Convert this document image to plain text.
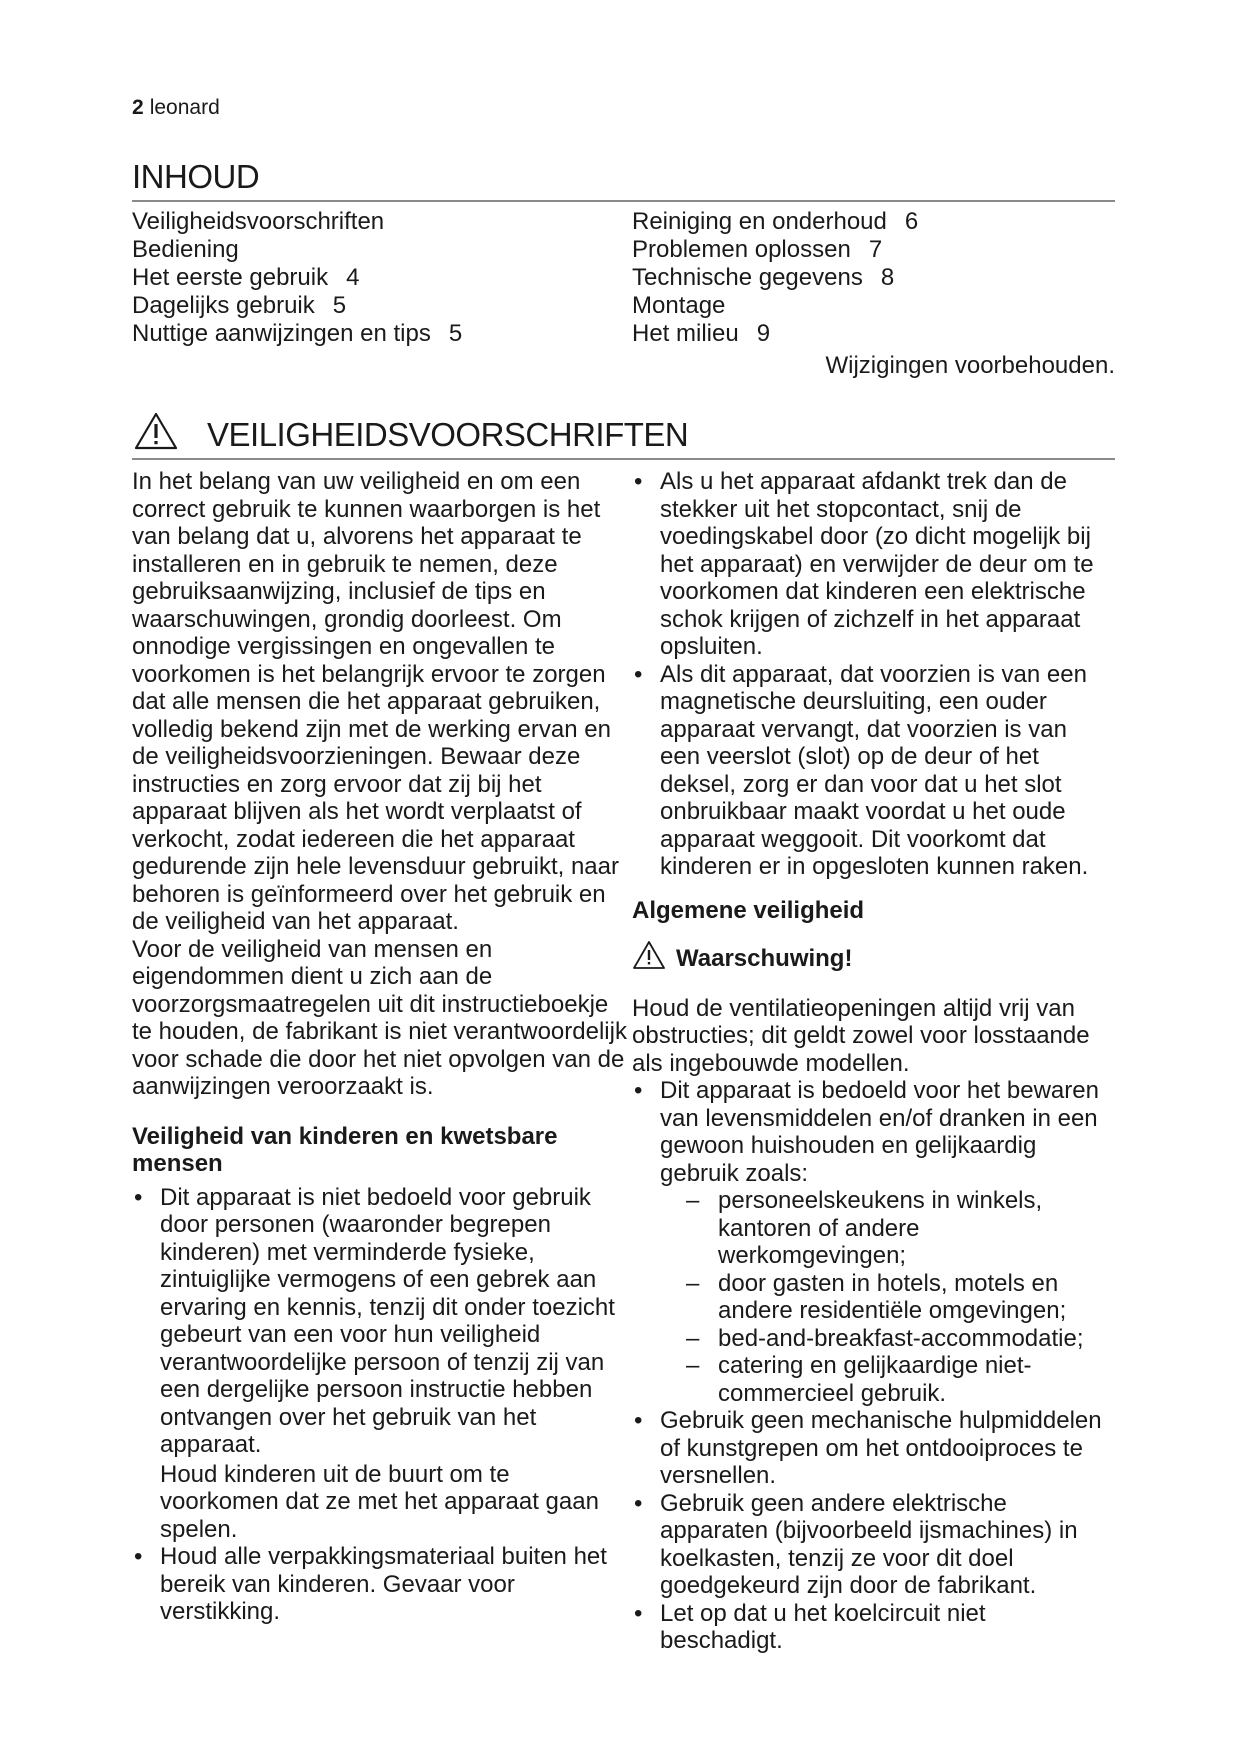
2 leonard
INHOUD
Veiligheidsvoorschriften
Bediening
Het eerste gebruik 4
Dagelijks gebruik 5
Nuttige aanwijzingen en tips 5
Reiniging en onderhoud 6
Problemen oplossen 7
Technische gegevens 8
Montage
Het milieu 9
Wijzigingen voorbehouden.
VEILIGHEIDSVOORSCHRIFTEN

In het belang van uw veiligheid en om een correct gebruik te kunnen waarborgen is het van belang dat u, alvorens het apparaat te installeren en in gebruik te nemen, deze gebruiksaanwijzing, inclusief de tips en waarschuwingen, grondig doorleest. Om onnodige vergissingen en ongevallen te voorkomen is het belangrijk ervoor te zorgen dat alle mensen die het apparaat gebruiken, volledig bekend zijn met de werking ervan en de veiligheidsvoorzieningen. Bewaar deze instructies en zorg ervoor dat zij bij het apparaat blijven als het wordt verplaatst of verkocht, zodat iedereen die het apparaat gedurende zijn hele levensduur gebruikt, naar behoren is geïnformeerd over het gebruik en de veiligheid van het apparaat.

Voor de veiligheid van mensen en eigendommen dient u zich aan de voorzorgsmaatregelen uit dit instructieboekje te houden, de fabrikant is niet verantwoordelijk voor schade die door het niet opvolgen van de aanwijzingen veroorzaakt is.

Veiligheid van kinderen en kwetsbare mensen
• Dit apparaat is niet bedoeld voor gebruik door personen (waaronder begrepen kinderen) met verminderde fysieke, zintuiglijke vermogens of een gebrek aan ervaring en kennis, tenzij dit onder toezicht gebeurt van een voor hun veiligheid verantwoordelijke persoon of tenzij zij van een dergelijke persoon instructie hebben ontvangen over het gebruik van het apparaat.
Houd kinderen uit de buurt om te voorkomen dat ze met het apparaat gaan spelen.
• Houd alle verpakkingsmateriaal buiten het bereik van kinderen. Gevaar voor verstikking.
• Als u het apparaat afdankt trek dan de stekker uit het stopcontact, snij de voedingskabel door (zo dicht mogelijk bij het apparaat) en verwijder de deur om te voorkomen dat kinderen een elektrische schok krijgen of zichzelf in het apparaat opsluiten.
• Als dit apparaat, dat voorzien is van een magnetische deursluiting, een ouder apparaat vervangt, dat voorzien is van een veerslot (slot) op de deur of het deksel, zorg er dan voor dat u het slot onbruikbaar maakt voordat u het oude apparaat weggooit. Dit voorkomt dat kinderen er in opgesloten kunnen raken.
Algemene veiligheid
Waarschuwing!

Houd de ventilatieopeningen altijd vrij van obstructies; dit geldt zowel voor losstaande als ingebouwde modellen.

• Dit apparaat is bedoeld voor het bewaren van levensmiddelen en/of dranken in een gewoon huishouden en gelijkaardig gebruik zoals:
– personeelskeukens in winkels, kantoren of andere werkomgevingen;
– door gasten in hotels, motels en andere residentiële omgevingen;
– bed-and-breakfast-accommodatie;
– catering en gelijkaardige niet-commercieel gebruik.
• Gebruik geen mechanische hulpmiddelen of kunstgrepen om het ontdooiproces te versnellen.
• Gebruik geen andere elektrische apparaten (bijvoorbeeld ijsmachines) in koelkasten, tenzij ze voor dit doel goedgekeurd zijn door de fabrikant.
• Let op dat u het koelcircuit niet beschadigt.
